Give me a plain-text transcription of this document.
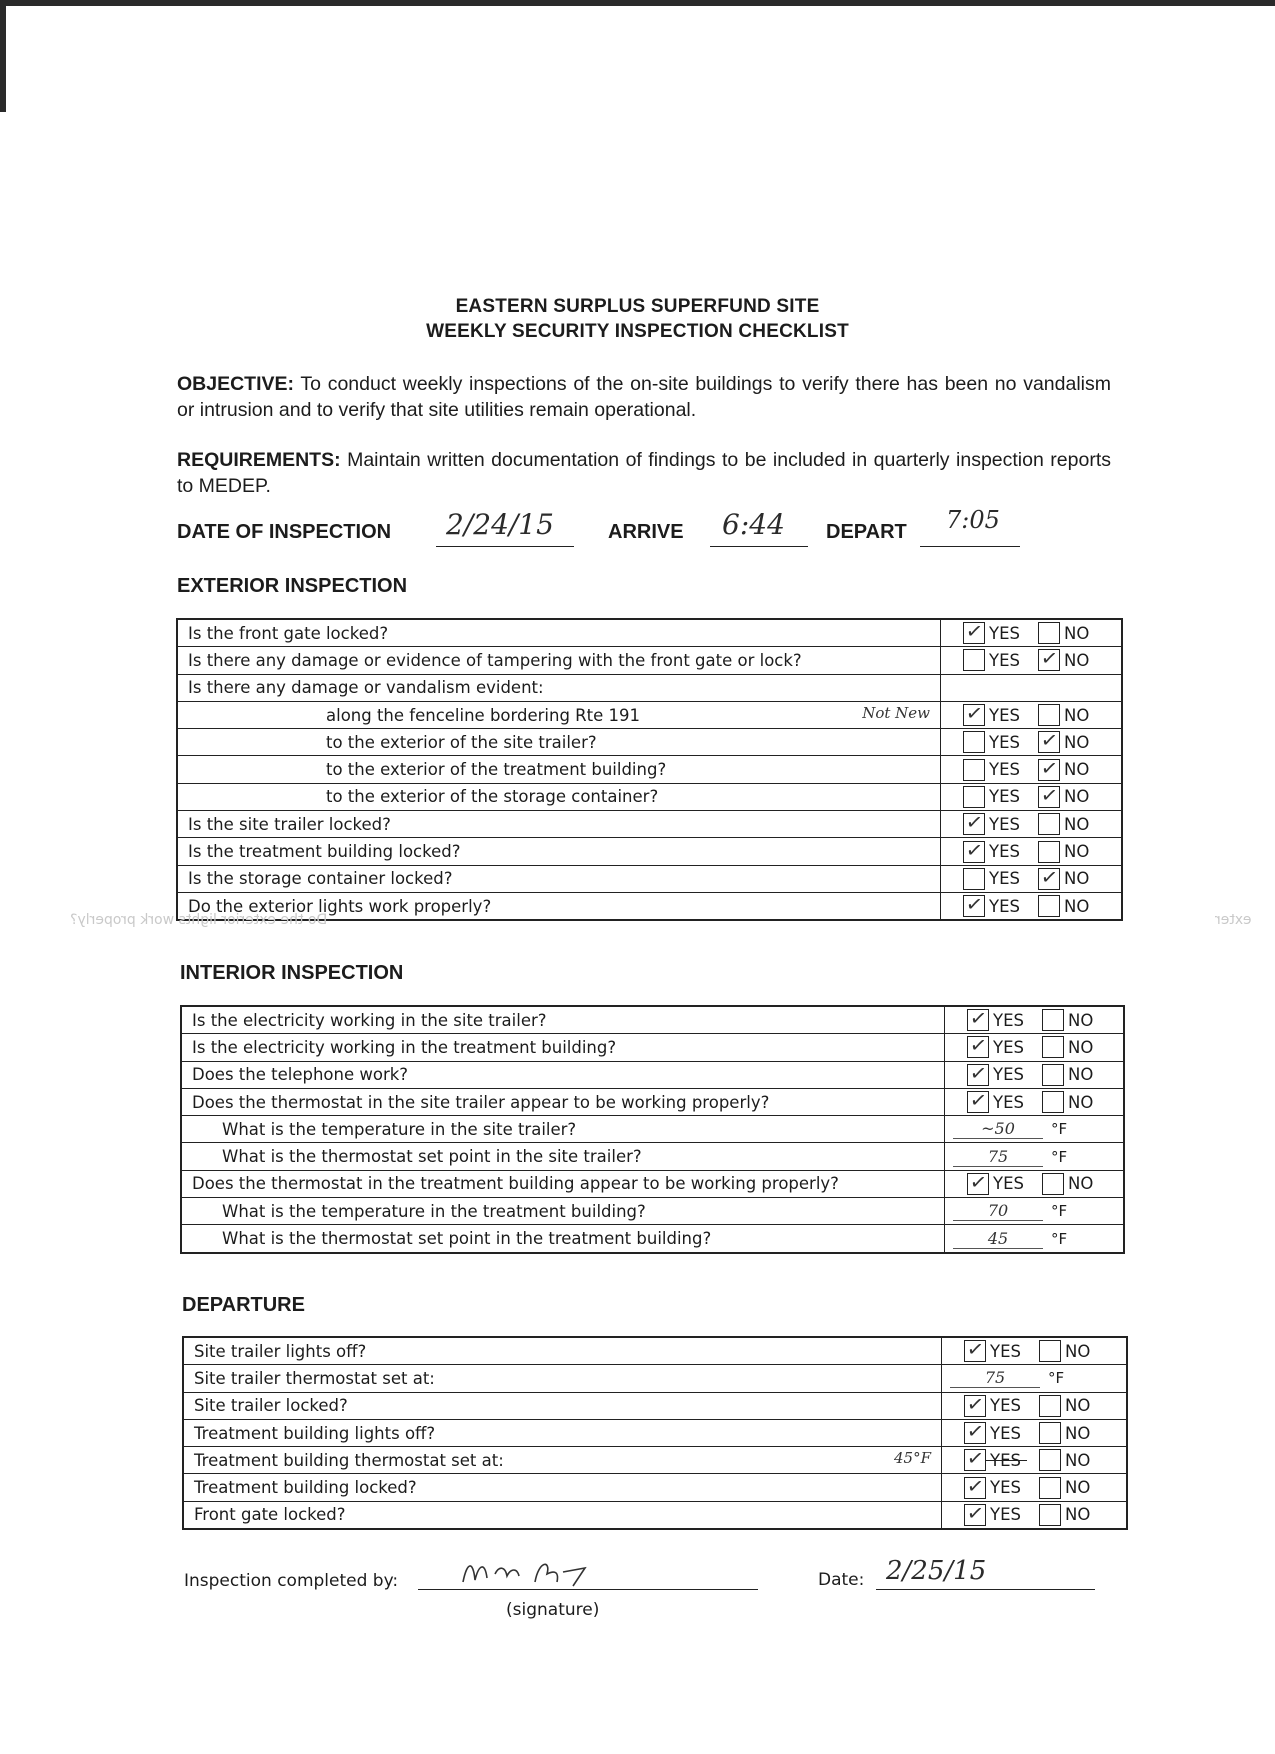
EASTERN SURPLUS SUPERFUND SITE
WEEKLY SECURITY INSPECTION CHECKLIST
OBJECTIVE: To conduct weekly inspections of the on-site buildings to verify there has been no vandalism or intrusion and to verify that site utilities remain operational.
REQUIREMENTS: Maintain written documentation of findings to be included in quarterly inspection reports to MEDEP.
DATE OF INSPECTION 2/24/15	ARRIVE 6:44 DEPART 7:05
EXTERIOR INSPECTION
Is the front gate locked?	✓ YES NO
Is there any damage or evidence of tampering with the front gate or lock?	YES ✓ NO
Is there any damage or vandalism evident:	
along the fenceline bordering Rte 191 Not New	✓ YES NO
to the exterior of the site trailer?	YES ✓ NO
to the exterior of the treatment building?	YES ✓ NO
to the exterior of the storage container?	YES ✓ NO
Is the site trailer locked?	✓ YES NO
Is the treatment building locked?	✓ YES NO
Is the storage container locked?	YES ✓ NO
Do the exterior lights work properly?	✓ YES NO
Do the exterior lights work properly?	exter
INTERIOR INSPECTION
Is the electricity working in the site trailer?	✓ YES NO
Is the electricity working in the treatment building?	✓ YES NO
Does the telephone work?	✓ YES NO
Does the thermostat in the site trailer appear to be working properly?	✓ YES NO
What is the temperature in the site trailer?	~50 °F
What is the thermostat set point in the site trailer?	75 °F
Does the thermostat in the treatment building appear to be working properly?	✓ YES NO
What is the temperature in the treatment building?	70 °F
What is the thermostat set point in the treatment building?	45 °F
DEPARTURE
Site trailer lights off?	✓ YES NO
Site trailer thermostat set at:	75 °F
Site trailer locked?	✓ YES NO
Treatment building lights off?	✓ YES NO
Treatment building thermostat set at: 45°F	✓ YES NO
Treatment building locked?	✓ YES NO
Front gate locked?	✓ YES NO
Inspection completed by:
(signature)
Date: 2/25/15
